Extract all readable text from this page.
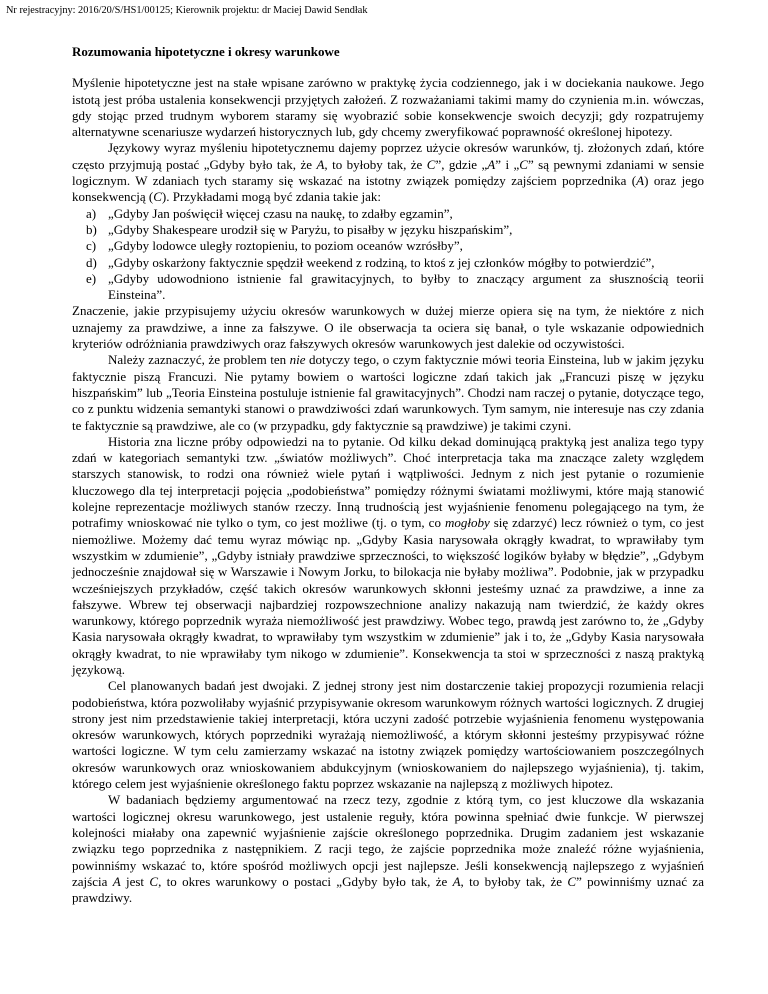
Nr rejestracyjny: 2016/20/S/HS1/00125; Kierownik projektu: dr Maciej Dawid Sendłak
Rozumowania hipotetyczne i okresy warunkowe

Myślenie hipotetyczne jest na stałe wpisane zarówno w praktykę życia codziennego, jak i w dociekania naukowe. Jego istotą jest próba ustalenia konsekwencji przyjętych założeń. Z rozważaniami takimi mamy do czynienia m.in. wówczas, gdy stojąc przed trudnym wyborem staramy się wyobrazić sobie konsekwencje swoich decyzji; gdy rozpatrujemy alternatywne scenariusze wydarzeń historycznych lub, gdy chcemy zweryfikować poprawność określonej hipotezy.

Językowy wyraz myśleniu hipotetycznemu dajemy poprzez użycie okresów warunków, tj. złożonych zdań, które często przyjmują postać „Gdyby było tak, że A, to byłoby tak, że C”, gdzie „A” i „C” są pewnymi zdaniami w sensie logicznym. W zdaniach tych staramy się wskazać na istotny związek pomiędzy zajściem poprzednika (A) oraz jego konsekwencją (C). Przykładami mogą być zdania takie jak:

a) „Gdyby Jan poświęcił więcej czasu na naukę, to zdałby egzamin”,
b) „Gdyby Shakespeare urodził się w Paryżu, to pisałby w języku hiszpańskim”,
c) „Gdyby lodowce uległy roztopieniu, to poziom oceanów wzrósłby”,
d) „Gdyby oskarżony faktycznie spędził weekend z rodziną, to ktoś z jej członków mógłby to potwierdzić”,
e) „Gdyby udowodniono istnienie fal grawitacyjnych, to byłby to znaczący argument za słusznością teorii Einsteina”.

Znaczenie, jakie przypisujemy użyciu okresów warunkowych w dużej mierze opiera się na tym, że niektóre z nich uznajemy za prawdziwe, a inne za fałszywe. O ile obserwacja ta ociera się banał, o tyle wskazanie odpowiednich kryteriów odróżniania prawdziwych oraz fałszywych okresów warunkowych jest dalekie od oczywistości.

Należy zaznaczyć, że problem ten nie dotyczy tego, o czym faktycznie mówi teoria Einsteina, lub w jakim języku faktycznie piszą Francuzi. Nie pytamy bowiem o wartości logiczne zdań takich jak „Francuzi piszę w języku hiszpańskim” lub „Teoria Einsteina postuluje istnienie fal grawitacyjnych”. Chodzi nam raczej o pytanie, dotyczące tego, co z punktu widzenia semantyki stanowi o prawdziwości zdań warunkowych. Tym samym, nie interesuje nas czy zdania te faktycznie są prawdziwe, ale co (w przypadku, gdy faktycznie są prawdziwe) je takimi czyni.

Historia zna liczne próby odpowiedzi na to pytanie. Od kilku dekad dominującą praktyką jest analiza tego typy zdań w kategoriach semantyki tzw. „światów możliwych”. Choć interpretacja taka ma znaczące zalety względem starszych stanowisk, to rodzi ona również wiele pytań i wątpliwości. Jednym z nich jest pytanie o rozumienie kluczowego dla tej interpretacji pojęcia „podobieństwa” pomiędzy różnymi światami możliwymi, które mają stanowić kolejne reprezentacje możliwych stanów rzeczy. Inną trudnością jest wyjaśnienie fenomenu polegającego na tym, że potrafimy wnioskować nie tylko o tym, co jest możliwe (tj. o tym, co mogłoby się zdarzyć) lecz również o tym, co jest niemożliwe. Możemy dać temu wyraz mówiąc np. „Gdyby Kasia narysowała okrągły kwadrat, to wprawiłaby tym wszystkim w zdumienie”, „Gdyby istniały prawdziwe sprzeczności, to większość logików byłaby w błędzie”, „Gdybym jednocześnie znajdował się w Warszawie i Nowym Jorku, to bilokacja nie byłaby możliwa”. Podobnie, jak w przypadku wcześniejszych przykładów, część takich okresów warunkowych skłonni jesteśmy uznać za prawdziwe, a inne za fałszywe. Wbrew tej obserwacji najbardziej rozpowszechnione analizy nakazują nam twierdzić, że każdy okres warunkowy, którego poprzednik wyraża niemożliwość jest prawdziwy. Wobec tego, prawdą jest zarówno to, że „Gdyby Kasia narysowała okrągły kwadrat, to wprawiłaby tym wszystkim w zdumienie” jak i to, że „Gdyby Kasia narysowała okrągły kwadrat, to nie wprawiłaby tym nikogo w zdumienie”. Konsekwencja ta stoi w sprzeczności z naszą praktyką językową.

Cel planowanych badań jest dwojaki. Z jednej strony jest nim dostarczenie takiej propozycji rozumienia relacji podobieństwa, która pozwoliłaby wyjaśnić przypisywanie okresom warunkowym różnych wartości logicznych. Z drugiej strony jest nim przedstawienie takiej interpretacji, która uczyni zadość potrzebie wyjaśnienia fenomenu występowania okresów warunkowych, których poprzedniki wyrażają niemożliwość, a którym skłonni jesteśmy przypisywać różne wartości logiczne. W tym celu zamierzamy wskazać na istotny związek pomiędzy wartościowaniem poszczególnych okresów warunkowych oraz wnioskowaniem abdukcyjnym (wnioskowaniem do najlepszego wyjaśnienia), tj. takim, którego celem jest wyjaśnienie określonego faktu poprzez wskazanie na najlepszą z możliwych hipotez.

W badaniach będziemy argumentować na rzecz tezy, zgodnie z którą tym, co jest kluczowe dla wskazania wartości logicznej okresu warunkowego, jest ustalenie reguły, która powinna spełniać dwie funkcje. W pierwszej kolejności miałaby ona zapewnić wyjaśnienie zajście określonego poprzednika. Drugim zadaniem jest wskazanie związku tego poprzednika z następnikiem. Z racji tego, że zajście poprzednika może znaleźć różne wyjaśnienia, powinniśmy wskazać to, które spośród możliwych opcji jest najlepsze. Jeśli konsekwencją najlepszego z wyjaśnień zajścia A jest C, to okres warunkowy o postaci „Gdyby było tak, że A, to byłoby tak, że C” powinniśmy uznać za prawdziwy.
